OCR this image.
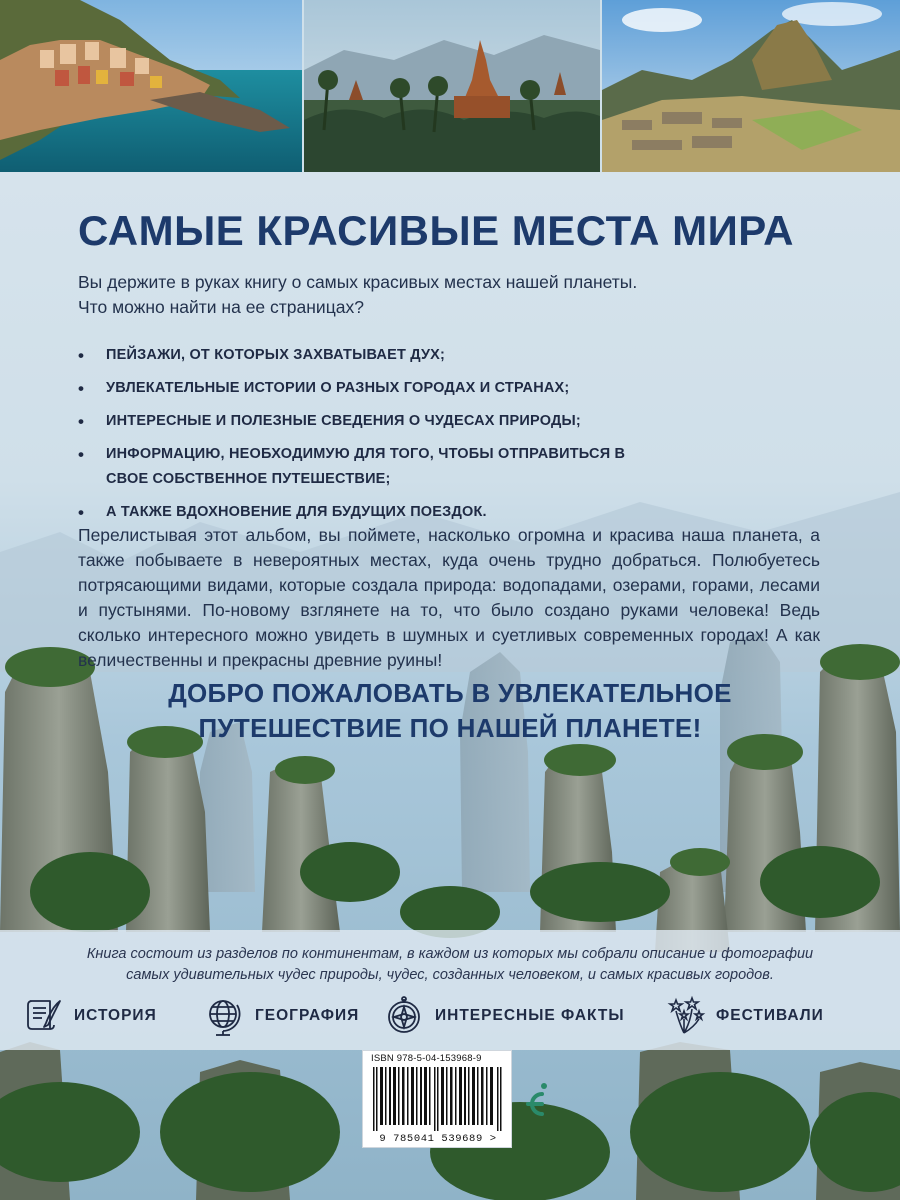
САМЫЕ КРАСИВЫЕ МЕСТА МИРА

Вы держите в руках книгу о самых красивых местах нашей планеты.

Что можно найти на ее страницах?

• ПЕЙЗАЖИ, ОТ КОТОРЫХ ЗАХВАТЫВАЕТ ДУХ;
• УВЛЕКАТЕЛЬНЫЕ ИСТОРИИ О РАЗНЫХ ГОРОДАХ И СТРАНАХ;
• ИНТЕРЕСНЫЕ И ПОЛЕЗНЫЕ СВЕДЕНИЯ О ЧУДЕСАХ ПРИРОДЫ;
• ИНФОРМАЦИЮ, НЕОБХОДИМУЮ ДЛЯ ТОГО, ЧТОБЫ ОТПРАВИТЬСЯ В СВОЕ СОБСТВЕННОЕ ПУТЕШЕСТВИЕ;
• А ТАКЖЕ ВДОХНОВЕНИЕ ДЛЯ БУДУЩИХ ПОЕЗДОК.

Перелистывая этот альбом, вы поймете, насколько огромна и красива наша планета, а также побываете в невероятных местах, куда очень трудно добраться. Полюбуетесь потрясающими видами, которые создала природа: водопадами, озерами, горами, лесами и пустынями. По-новому взглянете на то, что было создано руками человека! Ведь сколько интересного можно увидеть в шумных и суетливых современных городах! А как величественны и прекрасны древние руины!

ДОБРО ПОЖАЛОВАТЬ В УВЛЕКАТЕЛЬНОЕ
ПУТЕШЕСТВИЕ ПО НАШЕЙ ПЛАНЕТЕ!
Книга состоит из разделов по континентам, в каждом из которых мы собрали описание и фотографии
самых удивительных чудес природы, чудес, созданных человеком, и самых красивых городов.
ИСТОРИЯ	ГЕОГРАФИЯ	ИНТЕРЕСНЫЕ ФАКТЫ	ФЕСТИВАЛИ
ISBN 978-5-04-153968-9
9 785041 539689 >
